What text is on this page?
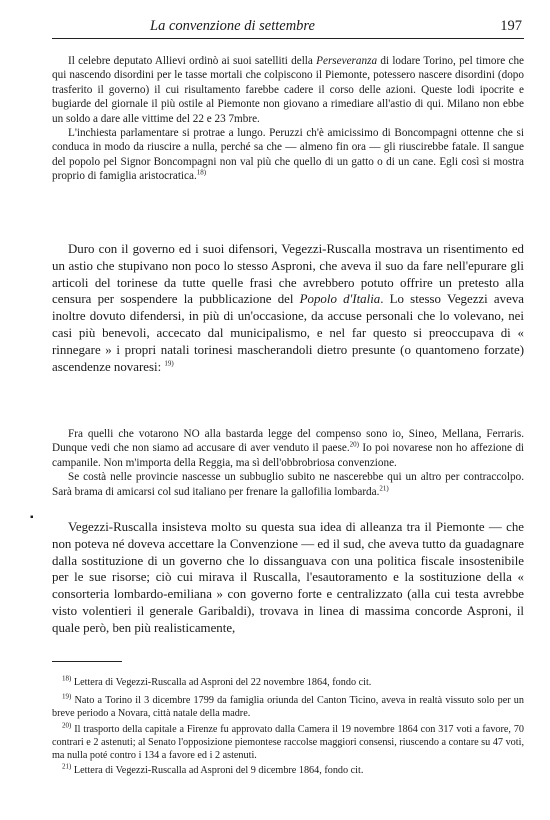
La convenzione di settembre	197

Il celebre deputato Allievi ordinò ai suoi satelliti della Perseveranza di lodare Torino, pel timore che qui nascendo disordini per le tasse mortali che colpiscono il Piemonte, potessero nascere disordini (dopo trasferito il governo) il cui risultamento farebbe cadere il corso delle azioni. Queste lodi ipocrite e bugiarde del giornale il più ostile al Piemonte non giovano a rimediare all'astio di qui. Milano non ebbe un soldo a dare alle vittime del 22 e 23 7mbre.

L'inchiesta parlamentare si protrae a lungo. Peruzzi ch'è amicissimo di Boncompagni ottenne che si conduca in modo da riuscire a nulla, perché sa che — almeno fin ora — gli riuscirebbe fatale. Il sangue del popolo pel Signor Boncompagni non val più che quello di un gatto o di un cane. Egli così si mostra proprio di famiglia aristocratica.$^{18)}$

Duro con il governo ed i suoi difensori, Vegezzi-Ruscalla mostrava un risentimento ed un astio che stupivano non poco lo stesso Asproni, che aveva il suo da fare nell'epurare gli articoli del torinese da tutte quelle frasi che avrebbero potuto offrire un pretesto alla censura per sospendere la pubblicazione del Popolo d'Italia. Lo stesso Vegezzi aveva inoltre dovuto difendersi, in più di un'occasione, da accuse personali che lo volevano, nei casi più benevoli, accecato dal municipalismo, e nel far questo si preoccupava di « rinnegare » i propri natali torinesi mascherandoli dietro presunte (o quantomeno forzate) ascendenze novaresi: $^{19)}$

Fra quelli che votarono NO alla bastarda legge del compenso sono io, Sineo, Mellana, Ferraris. Dunque vedi che non siamo ad accusare di aver venduto il paese.$^{20)}$ Io poi novarese non ho affezione di campanile. Non m'importa della Reggia, ma sì dell'obbrobriosa convenzione.

Se costà nelle provincie nascesse un subbuglio subito ne nascerebbe qui un altro per contraccolpo. Sarà brama di amicarsi col sud italiano per frenare la gallofilia lombarda.$^{21)}$

▪

Vegezzi-Ruscalla insisteva molto su questa sua idea di alleanza tra il Piemonte — che non poteva né doveva accettare la Convenzione — ed il sud, che aveva tutto da guadagnare dalla sostituzione di un governo che lo dissanguava con una politica fiscale insostenibile per le sue risorse; ciò cui mirava il Ruscalla, l'esautoramento e la sostituzione della « consorteria lombardo-emiliana » con governo forte e centralizzato (alla cui testa avrebbe visto volentieri il generale Garibaldi), trovava in linea di massima concorde Asproni, il quale però, ben più realisticamente,

$^{18)}$ Lettera di Vegezzi-Ruscalla ad Asproni del 22 novembre 1864, fondo cit.

$^{19)}$ Nato a Torino il 3 dicembre 1799 da famiglia oriunda del Canton Ticino, aveva in realtà vissuto solo per un breve periodo a Novara, città natale della madre.

$^{20)}$ Il trasporto della capitale a Firenze fu approvato dalla Camera il 19 novembre 1864 con 317 voti a favore, 70 contrari e 2 astenuti; al Senato l'opposizione piemontese raccolse maggiori consensi, riuscendo a contare su 47 voti, ma nulla poté contro i 134 a favore ed i 2 astenuti.

$^{21)}$ Lettera di Vegezzi-Ruscalla ad Asproni del 9 dicembre 1864, fondo cit.
